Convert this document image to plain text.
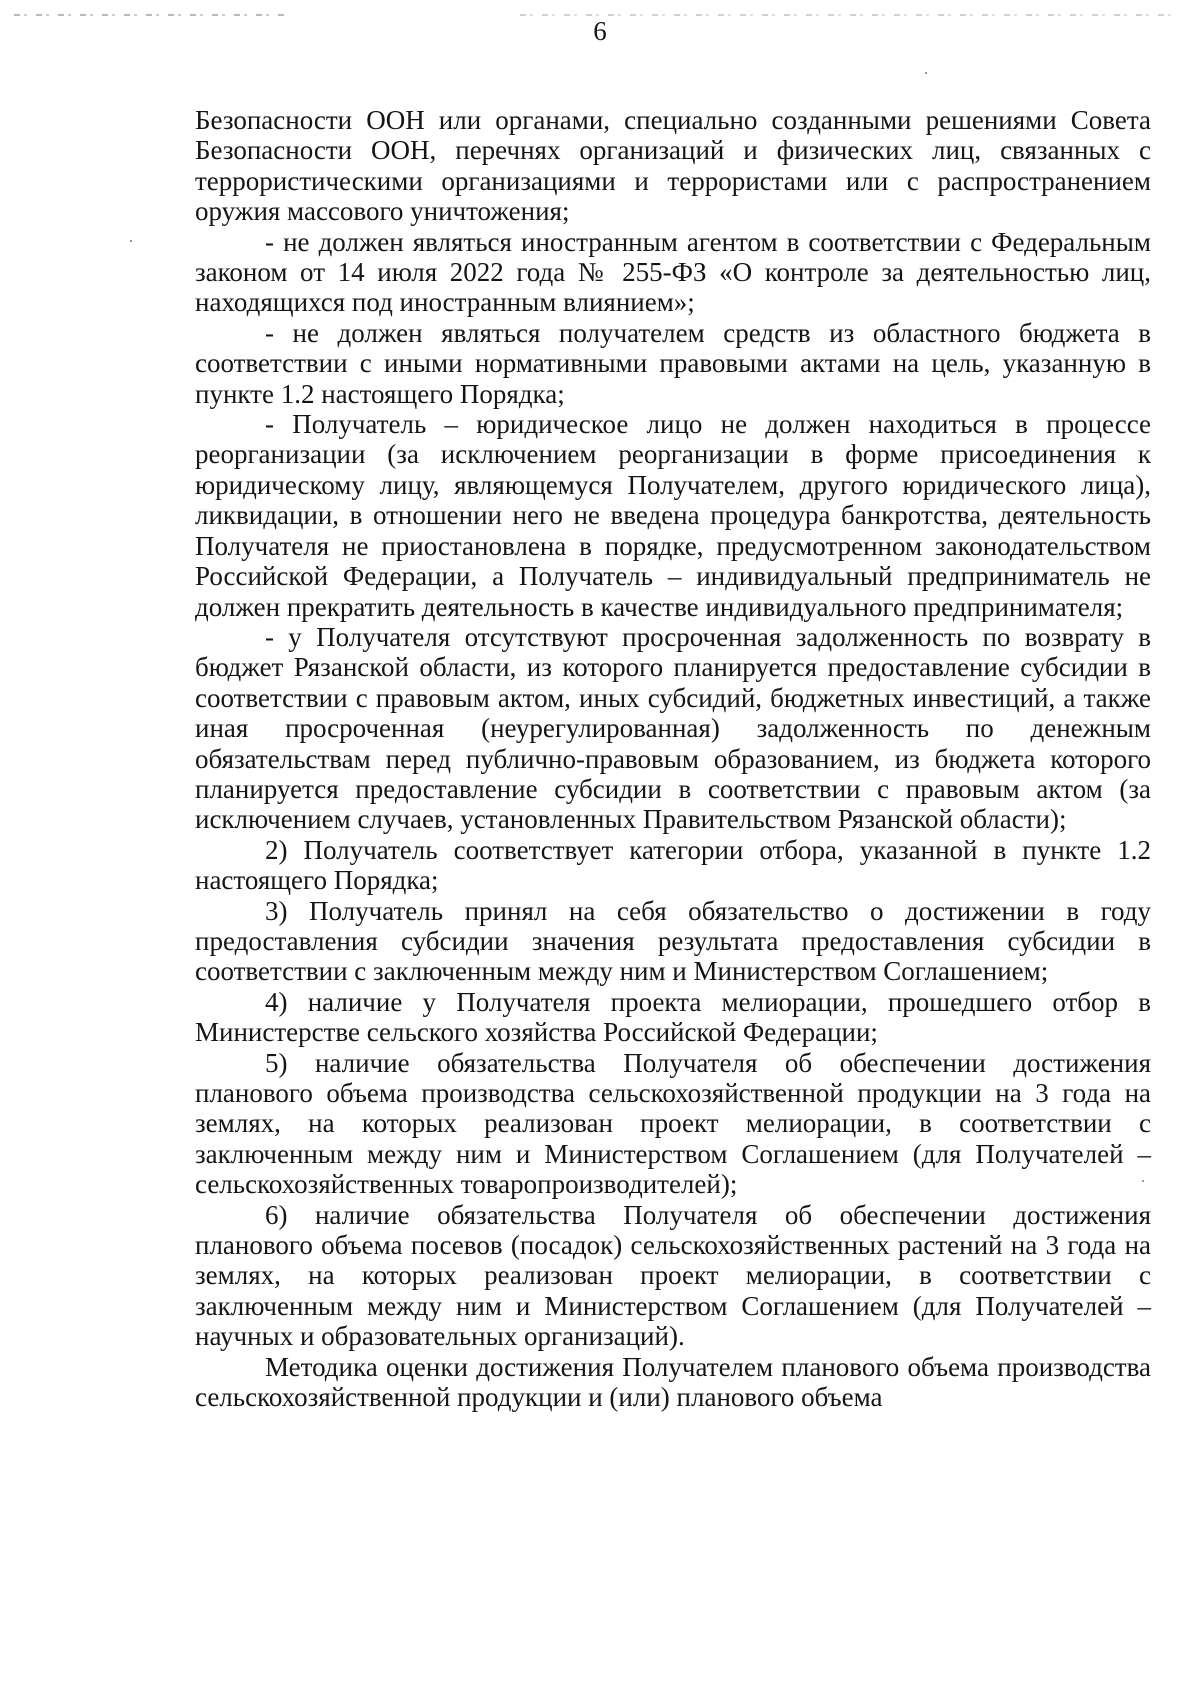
6

Безопасности ООН или органами, специально созданными решениями Совета Безопасности ООН, перечнях организаций и физических лиц, связанных с террористическими организациями и террористами или с распространением оружия массового уничтожения;

- не должен являться иностранным агентом в соответствии с Федеральным законом от 14 июля 2022 года № 255-ФЗ «О контроле за деятельностью лиц, находящихся под иностранным влиянием»;

- не должен являться получателем средств из областного бюджета в соответствии с иными нормативными правовыми актами на цель, указанную в пункте 1.2 настоящего Порядка;

- Получатель – юридическое лицо не должен находиться в процессе реорганизации (за исключением реорганизации в форме присоединения к юридическому лицу, являющемуся Получателем, другого юридического лица), ликвидации, в отношении него не введена процедура банкротства, деятельность Получателя не приостановлена в порядке, предусмотренном законодательством Российской Федерации, а Получатель – индивидуальный предприниматель не должен прекратить деятельность в качестве индивидуального предпринимателя;

- у Получателя отсутствуют просроченная задолженность по возврату в бюджет Рязанской области, из которого планируется предоставление субсидии в соответствии с правовым актом, иных субсидий, бюджетных инвестиций, а также иная просроченная (неурегулированная) задолженность по денежным обязательствам перед публично-правовым образованием, из бюджета которого планируется предоставление субсидии в соответствии с правовым актом (за исключением случаев, установленных Правительством Рязанской области);

2) Получатель соответствует категории отбора, указанной в пункте 1.2 настоящего Порядка;

3) Получатель принял на себя обязательство о достижении в году предоставления субсидии значения результата предоставления субсидии в соответствии с заключенным между ним и Министерством Соглашением;

4) наличие у Получателя проекта мелиорации, прошедшего отбор в Министерстве сельского хозяйства Российской Федерации;

5) наличие обязательства Получателя об обеспечении достижения планового объема производства сельскохозяйственной продукции на 3 года на землях, на которых реализован проект мелиорации, в соответствии с заключенным между ним и Министерством Соглашением (для Получателей – сельскохозяйственных товаропроизводителей);

6) наличие обязательства Получателя об обеспечении достижения планового объема посевов (посадок) сельскохозяйственных растений на 3 года на землях, на которых реализован проект мелиорации, в соответствии с заключенным между ним и Министерством Соглашением (для Получателей – научных и образовательных организаций).

Методика оценки достижения Получателем планового объема производства сельскохозяйственной продукции и (или) планового объема
